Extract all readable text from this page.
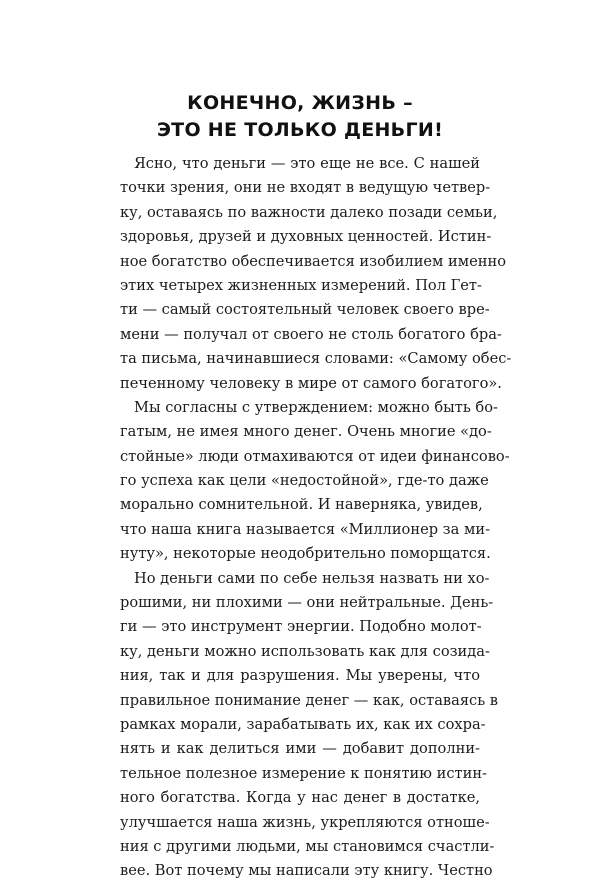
КОНЕЧНО, ЖИЗНЬ –
ЭТО НЕ ТОЛЬКО ДЕНЬГИ!
Ясно, что деньги — это еще не все. С нашей
точки зрения, они не входят в ведущую четвер-
ку, оставаясь по важности далеко позади семьи,
здоровья, друзей и духовных ценностей. Истин-
ное богатство обеспечивается изобилием именно
этих четырех жизненных измерений. Пол Гет-
ти — самый состоятельный человек своего вре-
мени — получал от своего не столь богатого бра-
та письма, начинавшиеся словами: «Самому обес-
печенному человеку в мире от самого богатого».
Мы согласны с утверждением: можно быть бо-
гатым, не имея много денег. Очень многие «до-
стойные» люди отмахиваются от идеи финансово-
го успеха как цели «недостойной», где-то даже
морально сомнительной. И наверняка, увидев,
что наша книга называется «Миллионер за ми-
нуту», некоторые неодобрительно поморщатся.
Но деньги сами по себе нельзя назвать ни хо-
рошими, ни плохими — они нейтральные. День-
ги — это инструмент энергии. Подобно молот-
ку, деньги можно использовать как для созида-
ния, так и для разрушения. Мы уверены, что
правильное понимание денег — как, оставаясь в
рамках морали, зарабатывать их, как их сохра-
нять и как делиться ими — добавит дополни-
тельное полезное измерение к понятию истин-
ного богатства. Когда у нас денег в достатке,
улучшается наша жизнь, укрепляются отноше-
ния с другими людьми, мы становимся счастли-
вее. Вот почему мы написали эту книгу. Честно
